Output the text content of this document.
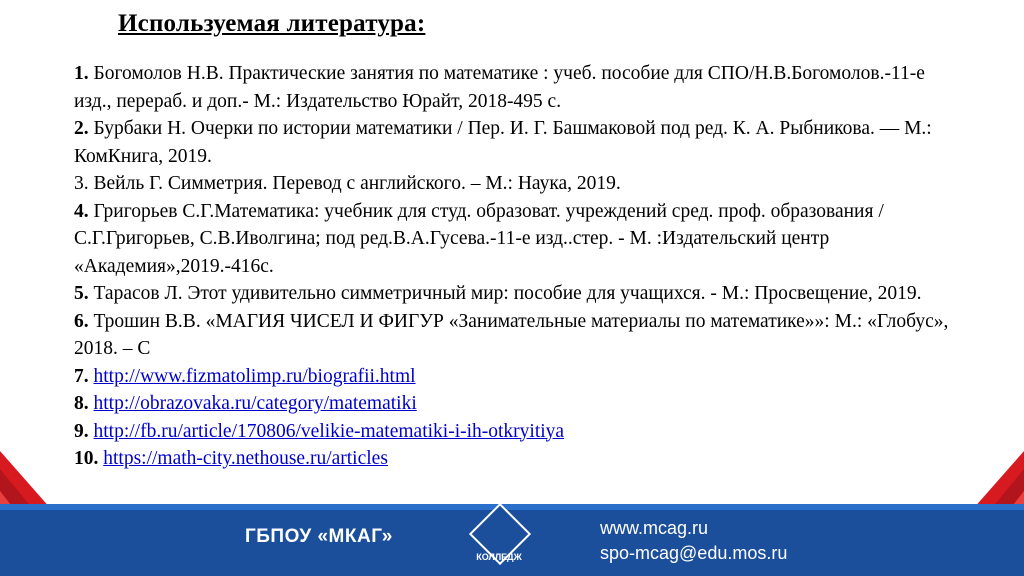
Используемая литература:

1. Богомолов Н.В. Практические занятия по математике : учеб. пособие для СПО/Н.В.Богомолов.-11-е изд., перераб. и доп.- М.: Издательство Юрайт, 2018-495 с.

2. Бурбаки Н. Очерки по истории математики / Пер. И. Г. Башмаковой под ред. К. А. Рыбникова. — М.: КомКнига, 2019.

3. Вейль Г. Симметрия. Перевод с английского. – М.: Наука, 2019.

4. Григорьев С.Г.Математика: учебник для студ. образоват. учреждений сред. проф. образования / С.Г.Григорьев, С.В.Иволгина; под ред.В.А.Гусева.-11-е изд..стер. - М. :Издательский центр «Академия»,2019.-416с.

5. Тарасов Л. Этот удивительно симметричный мир: пособие для учащихся. - М.: Просвещение, 2019.

6. Трошин В.В. «МАГИЯ ЧИСЕЛ И ФИГУР «Занимательные материалы по математике»»: М.: «Глобус», 2018. – С

7. http://www.fizmatolimp.ru/biografii.html

8. http://obrazovaka.ru/category/matematiki

9. http://fb.ru/article/170806/velikie-matematiki-i-ih-otkryitiya

10. https://math-city.nethouse.ru/articles

ГБПОУ «МКАГ»
КОЛЛЕДЖ
www.mcag.ru
spo-mcag@edu.mos.ru
